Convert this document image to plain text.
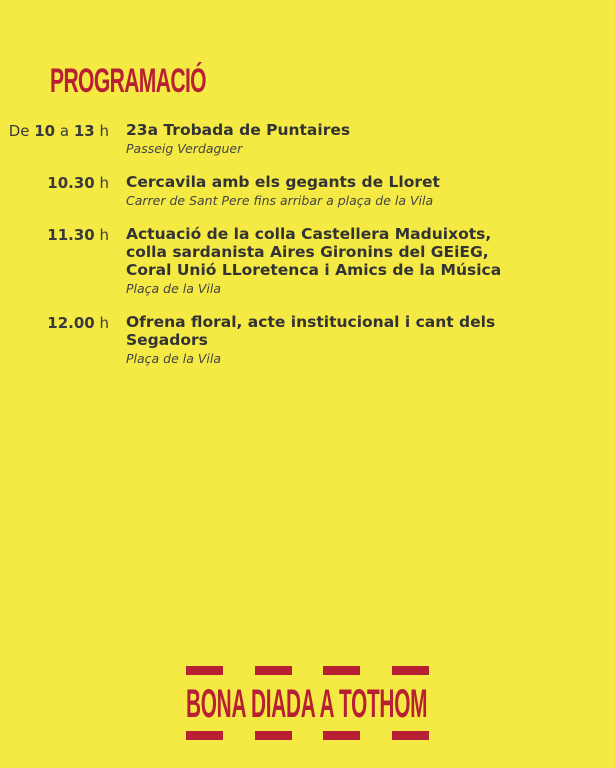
PROGRAMACIÓ
De 10 a 13 h	23a Trobada de Puntaires
Passeig Verdaguer
10.30 h	Cercavila amb els gegants de Lloret
Carrer de Sant Pere fins arribar a plaça de la Vila
11.30 h	Actuació de la colla Castellera Maduixots, colla sardanista Aires Gironins del GEiEG, Coral Unió LLoretenca i Amics de la Música
Plaça de la Vila
12.00 h	Ofrena floral, acte institucional i cant dels Segadors
Plaça de la Vila
BONA DIADA A TOTHOM
